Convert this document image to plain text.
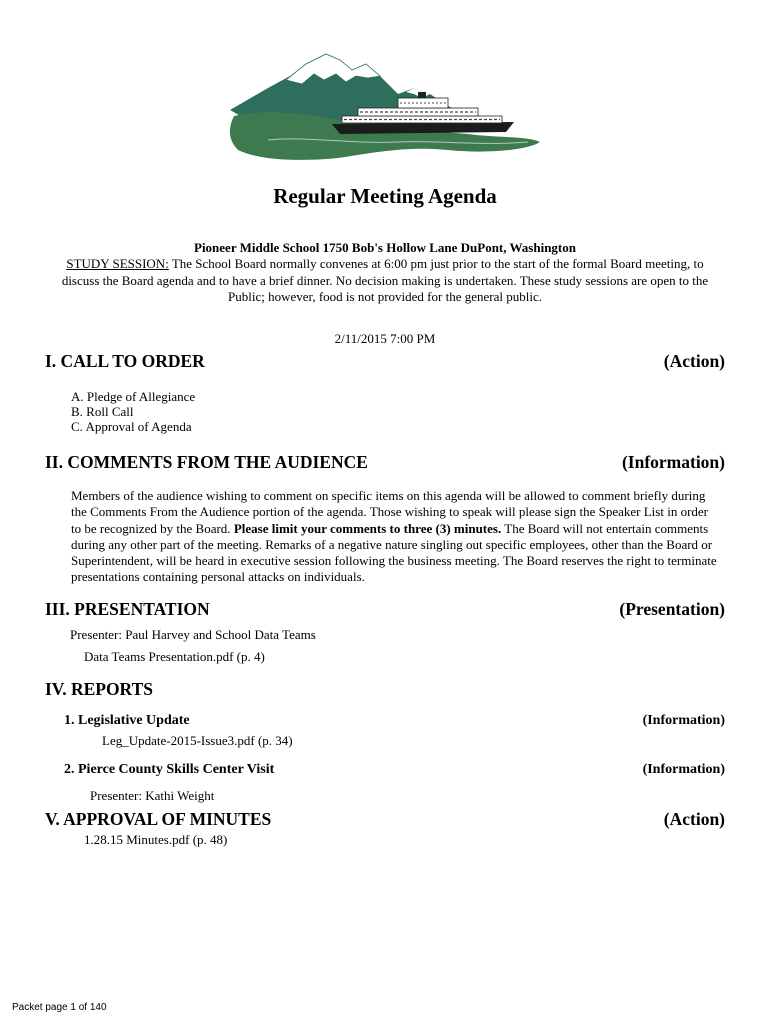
Regular Meeting Agenda
Pioneer Middle School 1750 Bob's Hollow Lane DuPont, Washington
STUDY SESSION: The School Board normally convenes at 6:00 pm just prior to the start of the formal Board meeting, to discuss the Board agenda and to have a brief dinner. No decision making is undertaken. These study sessions are open to the Public; however, food is not provided for the general public.
2/11/2015 7:00 PM
I. CALL TO ORDER	(Action)
A. Pledge of Allegiance
B. Roll Call
C. Approval of Agenda
II. COMMENTS FROM THE AUDIENCE	(Information)
Members of the audience wishing to comment on specific items on this agenda will be allowed to comment briefly during the Comments From the Audience portion of the agenda. Those wishing to speak will please sign the Speaker List in order to be recognized by the Board. Please limit your comments to three (3) minutes. The Board will not entertain comments during any other part of the meeting. Remarks of a negative nature singling out specific employees, other than the Board or Superintendent, will be heard in executive session following the business meeting. The Board reserves the right to terminate presentations containing personal attacks on individuals.
III. PRESENTATION	(Presentation)
Presenter: Paul Harvey and School Data Teams
Data Teams Presentation.pdf (p. 4)
IV. REPORTS
1. Legislative Update	(Information)
Leg_Update-2015-Issue3.pdf (p. 34)
2. Pierce County Skills Center Visit	(Information)
Presenter: Kathi Weight
V. APPROVAL OF MINUTES	(Action)
1.28.15 Minutes.pdf (p. 48)
Packet page 1 of 140
